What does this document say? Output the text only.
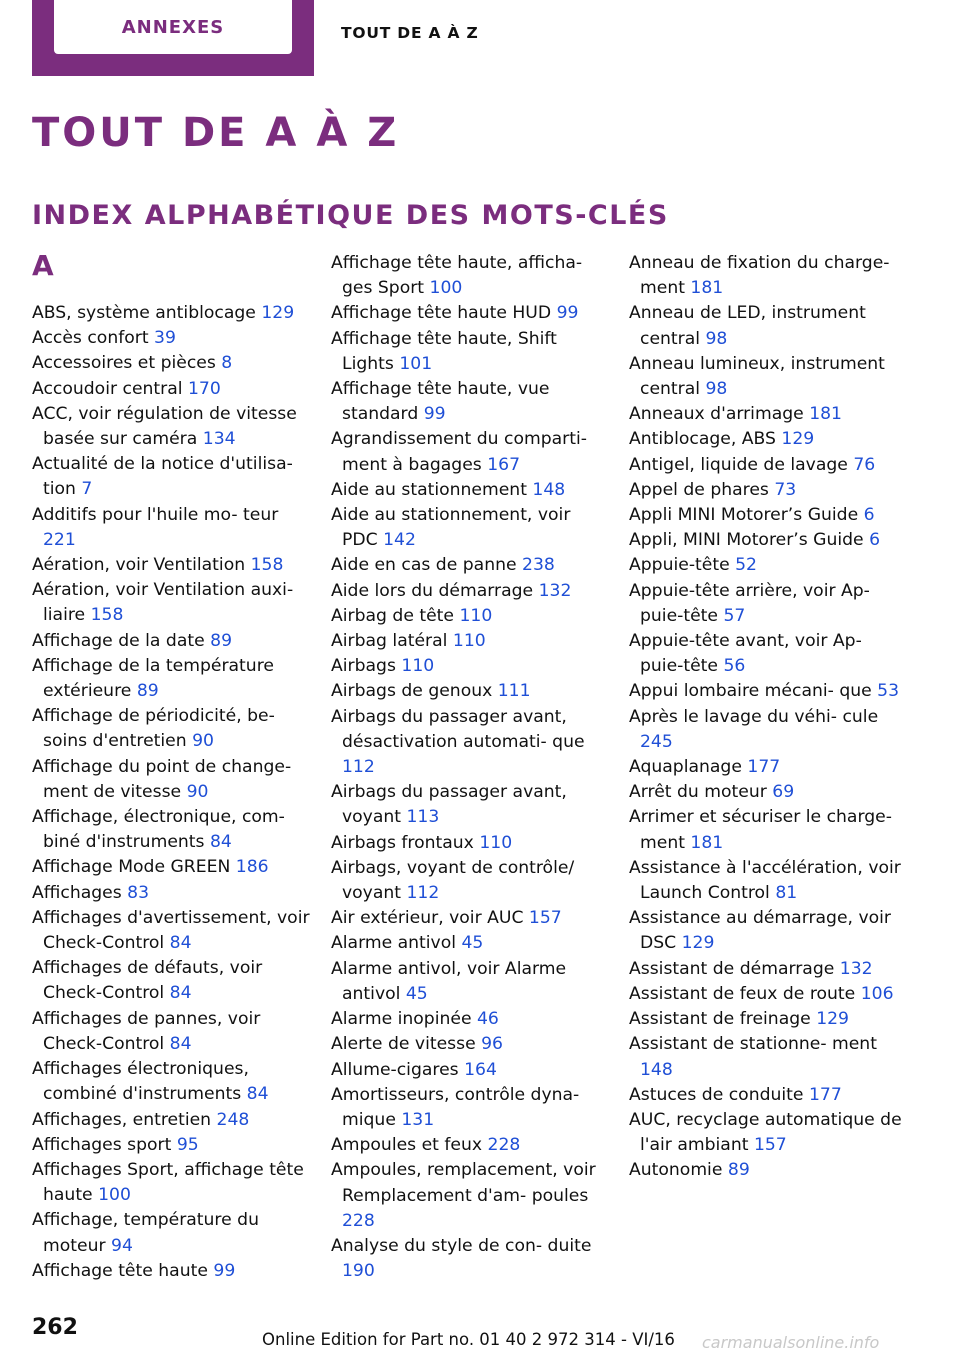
ANNEXES	TOUT DE A À Z
TOUT DE A À Z
INDEX ALPHABÉTIQUE DES MOTS-CLÉS
A

ABS, système antiblocage 129

Accès confort 39

Accessoires et pièces 8

Accoudoir central 170

ACC, voir régulation de vitesse basée sur caméra 134

Actualité de la notice d'utilisa- tion 7

Additifs pour l'huile mo- teur 221

Aération, voir Ventilation 158

Aération, voir Ventilation auxi- liaire 158

Affichage de la date 89

Affichage de la température extérieure 89

Affichage de périodicité, be- soins d'entretien 90

Affichage du point de change- ment de vitesse 90

Affichage, électronique, com- biné d'instruments 84

Affichage Mode GREEN 186

Affichages 83

Affichages d'avertissement, voir Check-Control 84

Affichages de défauts, voir Check-Control 84

Affichages de pannes, voir Check-Control 84

Affichages électroniques, combiné d'instruments 84

Affichages, entretien 248

Affichages sport 95

Affichages Sport, affichage tête haute 100

Affichage, température du moteur 94

Affichage tête haute 99

Affichage tête haute, afficha- ges Sport 100

Affichage tête haute HUD 99

Affichage tête haute, Shift Lights 101

Affichage tête haute, vue standard 99

Agrandissement du comparti- ment à bagages 167

Aide au stationnement 148

Aide au stationnement, voir PDC 142

Aide en cas de panne 238

Aide lors du démarrage 132

Airbag de tête 110

Airbag latéral 110

Airbags 110

Airbags de genoux 111

Airbags du passager avant, désactivation automati- que 112

Airbags du passager avant, voyant 113

Airbags frontaux 110

Airbags, voyant de contrôle/ voyant 112

Air extérieur, voir AUC 157

Alarme antivol 45

Alarme antivol, voir Alarme antivol 45

Alarme inopinée 46

Alerte de vitesse 96

Allume-cigares 164

Amortisseurs, contrôle dyna- mique 131

Ampoules et feux 228

Ampoules, remplacement, voir Remplacement d'am- poules 228

Analyse du style de con- duite 190

Anneau de fixation du charge- ment 181

Anneau de LED, instrument central 98

Anneau lumineux, instrument central 98

Anneaux d'arrimage 181

Antiblocage, ABS 129

Antigel, liquide de lavage 76

Appel de phares 73

Appli MINI Motorer’s Guide 6

Appli, MINI Motorer’s Guide 6

Appuie-tête 52

Appuie-tête arrière, voir Ap- puie-tête 57

Appuie-tête avant, voir Ap- puie-tête 56

Appui lombaire mécani- que 53

Après le lavage du véhi- cule 245

Aquaplanage 177

Arrêt du moteur 69

Arrimer et sécuriser le charge- ment 181

Assistance à l'accélération, voir Launch Control 81

Assistance au démarrage, voir DSC 129

Assistant de démarrage 132

Assistant de feux de route 106

Assistant de freinage 129

Assistant de stationne- ment 148

Astuces de conduite 177

AUC, recyclage automatique de l'air ambiant 157

Autonomie 89

262	Online Edition for Part no. 01 40 2 972 314 - VI/16 carmanualsonline.info
